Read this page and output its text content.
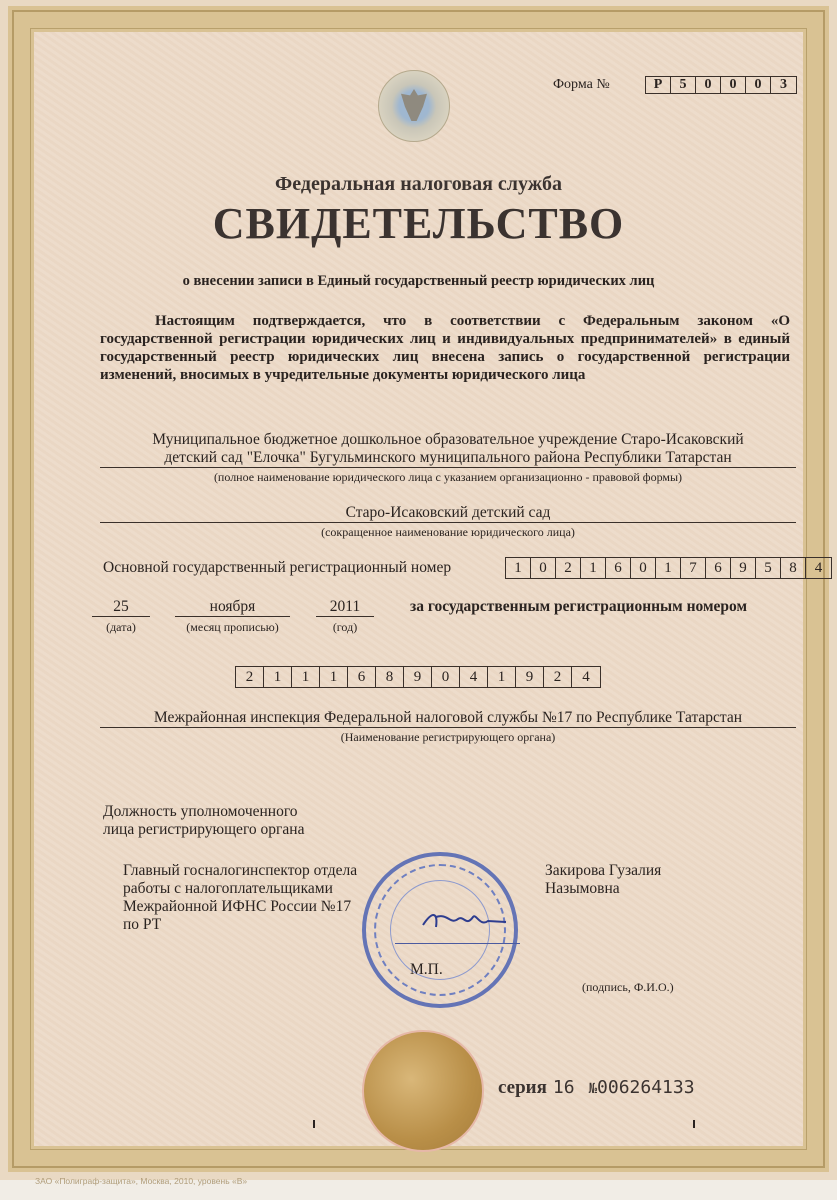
Форма №	Р	5	0	0	0	3
Федеральная налоговая служба
СВИДЕТЕЛЬСТВО
о внесении записи в Единый государственный реестр юридических лиц
Настоящим подтверждается, что в соответствии с Федеральным законом «О государственной регистрации юридических лиц и индивидуальных предпринимателей» в единый государственный реестр юридических лиц внесена запись о государственной регистрации изменений, вносимых в учредительные документы юридического лица
Муниципальное бюджетное дошкольное образовательное учреждение Старо-Исаковский
детский сад "Елочка" Бугульминского муниципального района Республики Татарстан
(полное наименование юридического лица с указанием организационно - правовой формы)
Старо-Исаковский детский сад
(сокращенное наименование юридического лица)
Основной государственный регистрационный номер	1	0	2	1	6	0	1	7	6	9	5	8	4
25
(дата)
ноября
(месяц прописью)
2011
(год)
за государственным регистрационным номером
2	1	1	1	6	8	9	0	4	1	9	2	4
Межрайонная инспекция Федеральной налоговой службы №17 по Республике Татарстан
(Наименование регистрирующего органа)
Должность уполномоченного
лица регистрирующего органа
Главный госналогинспектор отдела
работы с налогоплательщиками
Межрайонной ИФНС России №17
по РТ
Закирова Гузалия
Назымовна
М.П.
(подпись, Ф.И.О.)
серия 16 №006264133
ЗАО «Полиграф-защита», Москва, 2010, уровень «В»
